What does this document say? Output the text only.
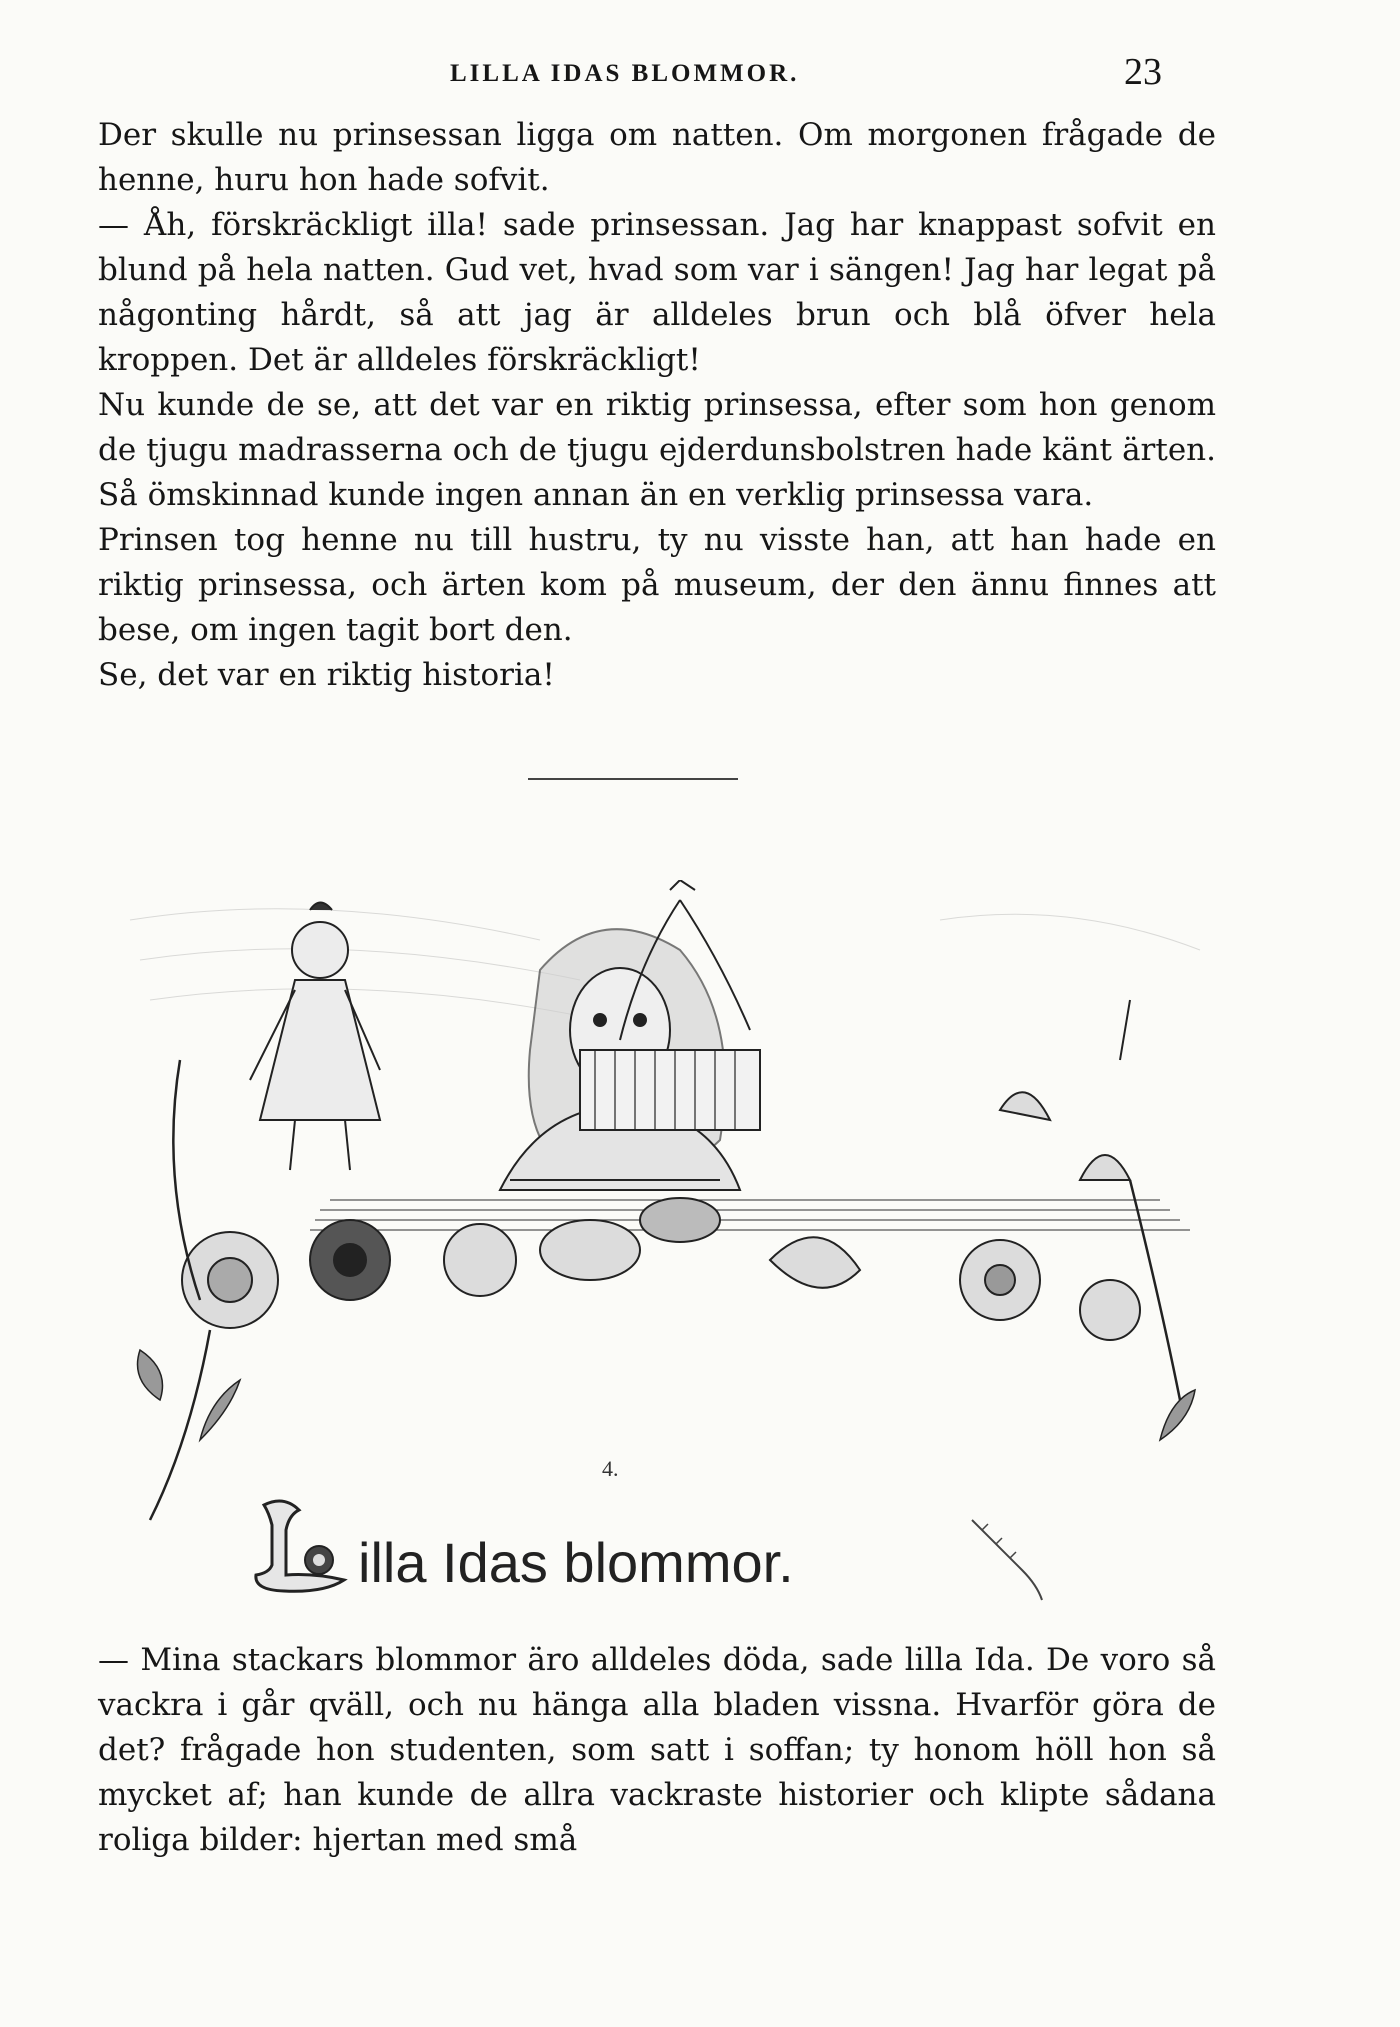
LILLA IDAS BLOMMOR.	23

Der skulle nu prinsessan ligga om natten. Om morgonen frågade de henne, huru hon hade sofvit.

— Åh, förskräckligt illa! sade prinsessan. Jag har knappast sofvit en blund på hela natten. Gud vet, hvad som var i sängen! Jag har legat på någonting hårdt, så att jag är alldeles brun och blå öfver hela kroppen. Det är alldeles förskräckligt!

Nu kunde de se, att det var en riktig prinsessa, efter som hon genom de tjugu madrasserna och de tjugu ejderdunsbolstren hade känt ärten. Så ömskinnad kunde ingen annan än en verklig prinsessa vara.

Prinsen tog henne nu till hustru, ty nu visste han, att han hade en riktig prinsessa, och ärten kom på museum, der den ännu finnes att bese, om ingen tagit bort den.

Se, det var en riktig historia!

4.
illa Idas blommor.

— Mina stackars blommor äro alldeles döda, sade lilla Ida. De voro så vackra i går qväll, och nu hänga alla bladen vissna. Hvarför göra de det? frågade hon studenten, som satt i soffan; ty honom höll hon så mycket af; han kunde de allra vackraste historier och klipte sådana roliga bilder: hjertan med små
